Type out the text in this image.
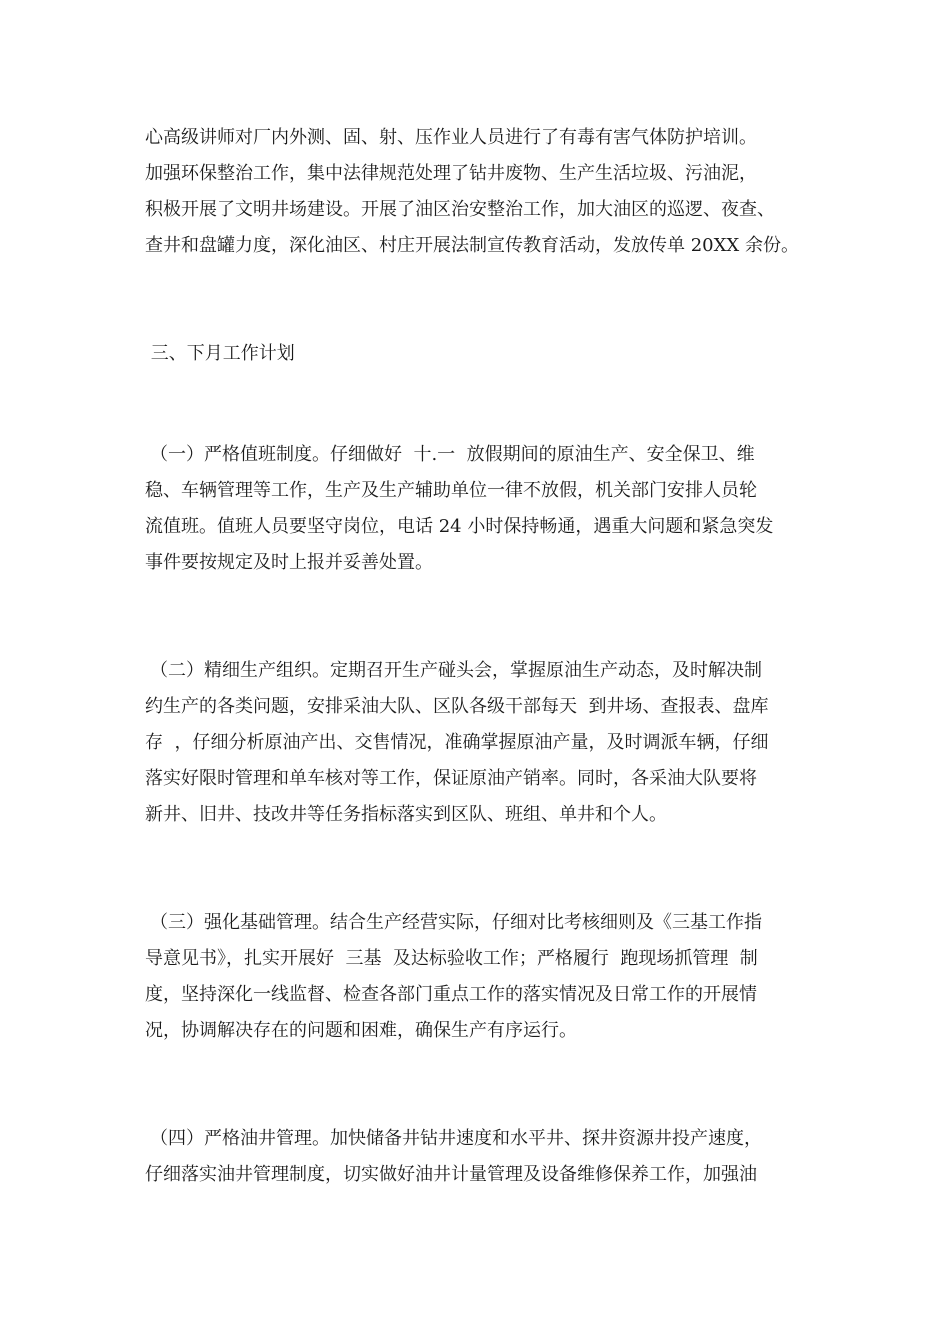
心高级讲师对厂内外测、固、射、压作业人员进行了有毒有害气体防护培训。
加强环保整治工作，集中法律规范处理了钻井废物、生产生活垃圾、污油泥，
积极开展了文明井场建设。开展了油区治安整治工作，加大油区的巡逻、夜查、
查井和盘罐力度，深化油区、村庄开展法制宣传教育活动，发放传单 20XX 余份。
三、下月工作计划
（一）严格值班制度。仔细做好  十.一  放假期间的原油生产、安全保卫、维
稳、车辆管理等工作，生产及生产辅助单位一律不放假，机关部门安排人员轮
流值班。值班人员要坚守岗位，电话 24 小时保持畅通，遇重大问题和紧急突发
事件要按规定及时上报并妥善处置。
（二）精细生产组织。定期召开生产碰头会，掌握原油生产动态，及时解决制
约生产的各类问题，安排采油大队、区队各级干部每天  到井场、查报表、盘库
存  ，仔细分析原油产出、交售情况，准确掌握原油产量，及时调派车辆，仔细
落实好限时管理和单车核对等工作，保证原油产销率。同时，各采油大队要将
新井、旧井、技改井等任务指标落实到区队、班组、单井和个人。
（三）强化基础管理。结合生产经营实际，仔细对比考核细则及《三基工作指
导意见书》，扎实开展好  三基  及达标验收工作；严格履行  跑现场抓管理  制
度，坚持深化一线监督、检查各部门重点工作的落实情况及日常工作的开展情
况，协调解决存在的问题和困难，确保生产有序运行。
（四）严格油井管理。加快储备井钻井速度和水平井、探井资源井投产速度，
仔细落实油井管理制度，切实做好油井计量管理及设备维修保养工作，加强油
